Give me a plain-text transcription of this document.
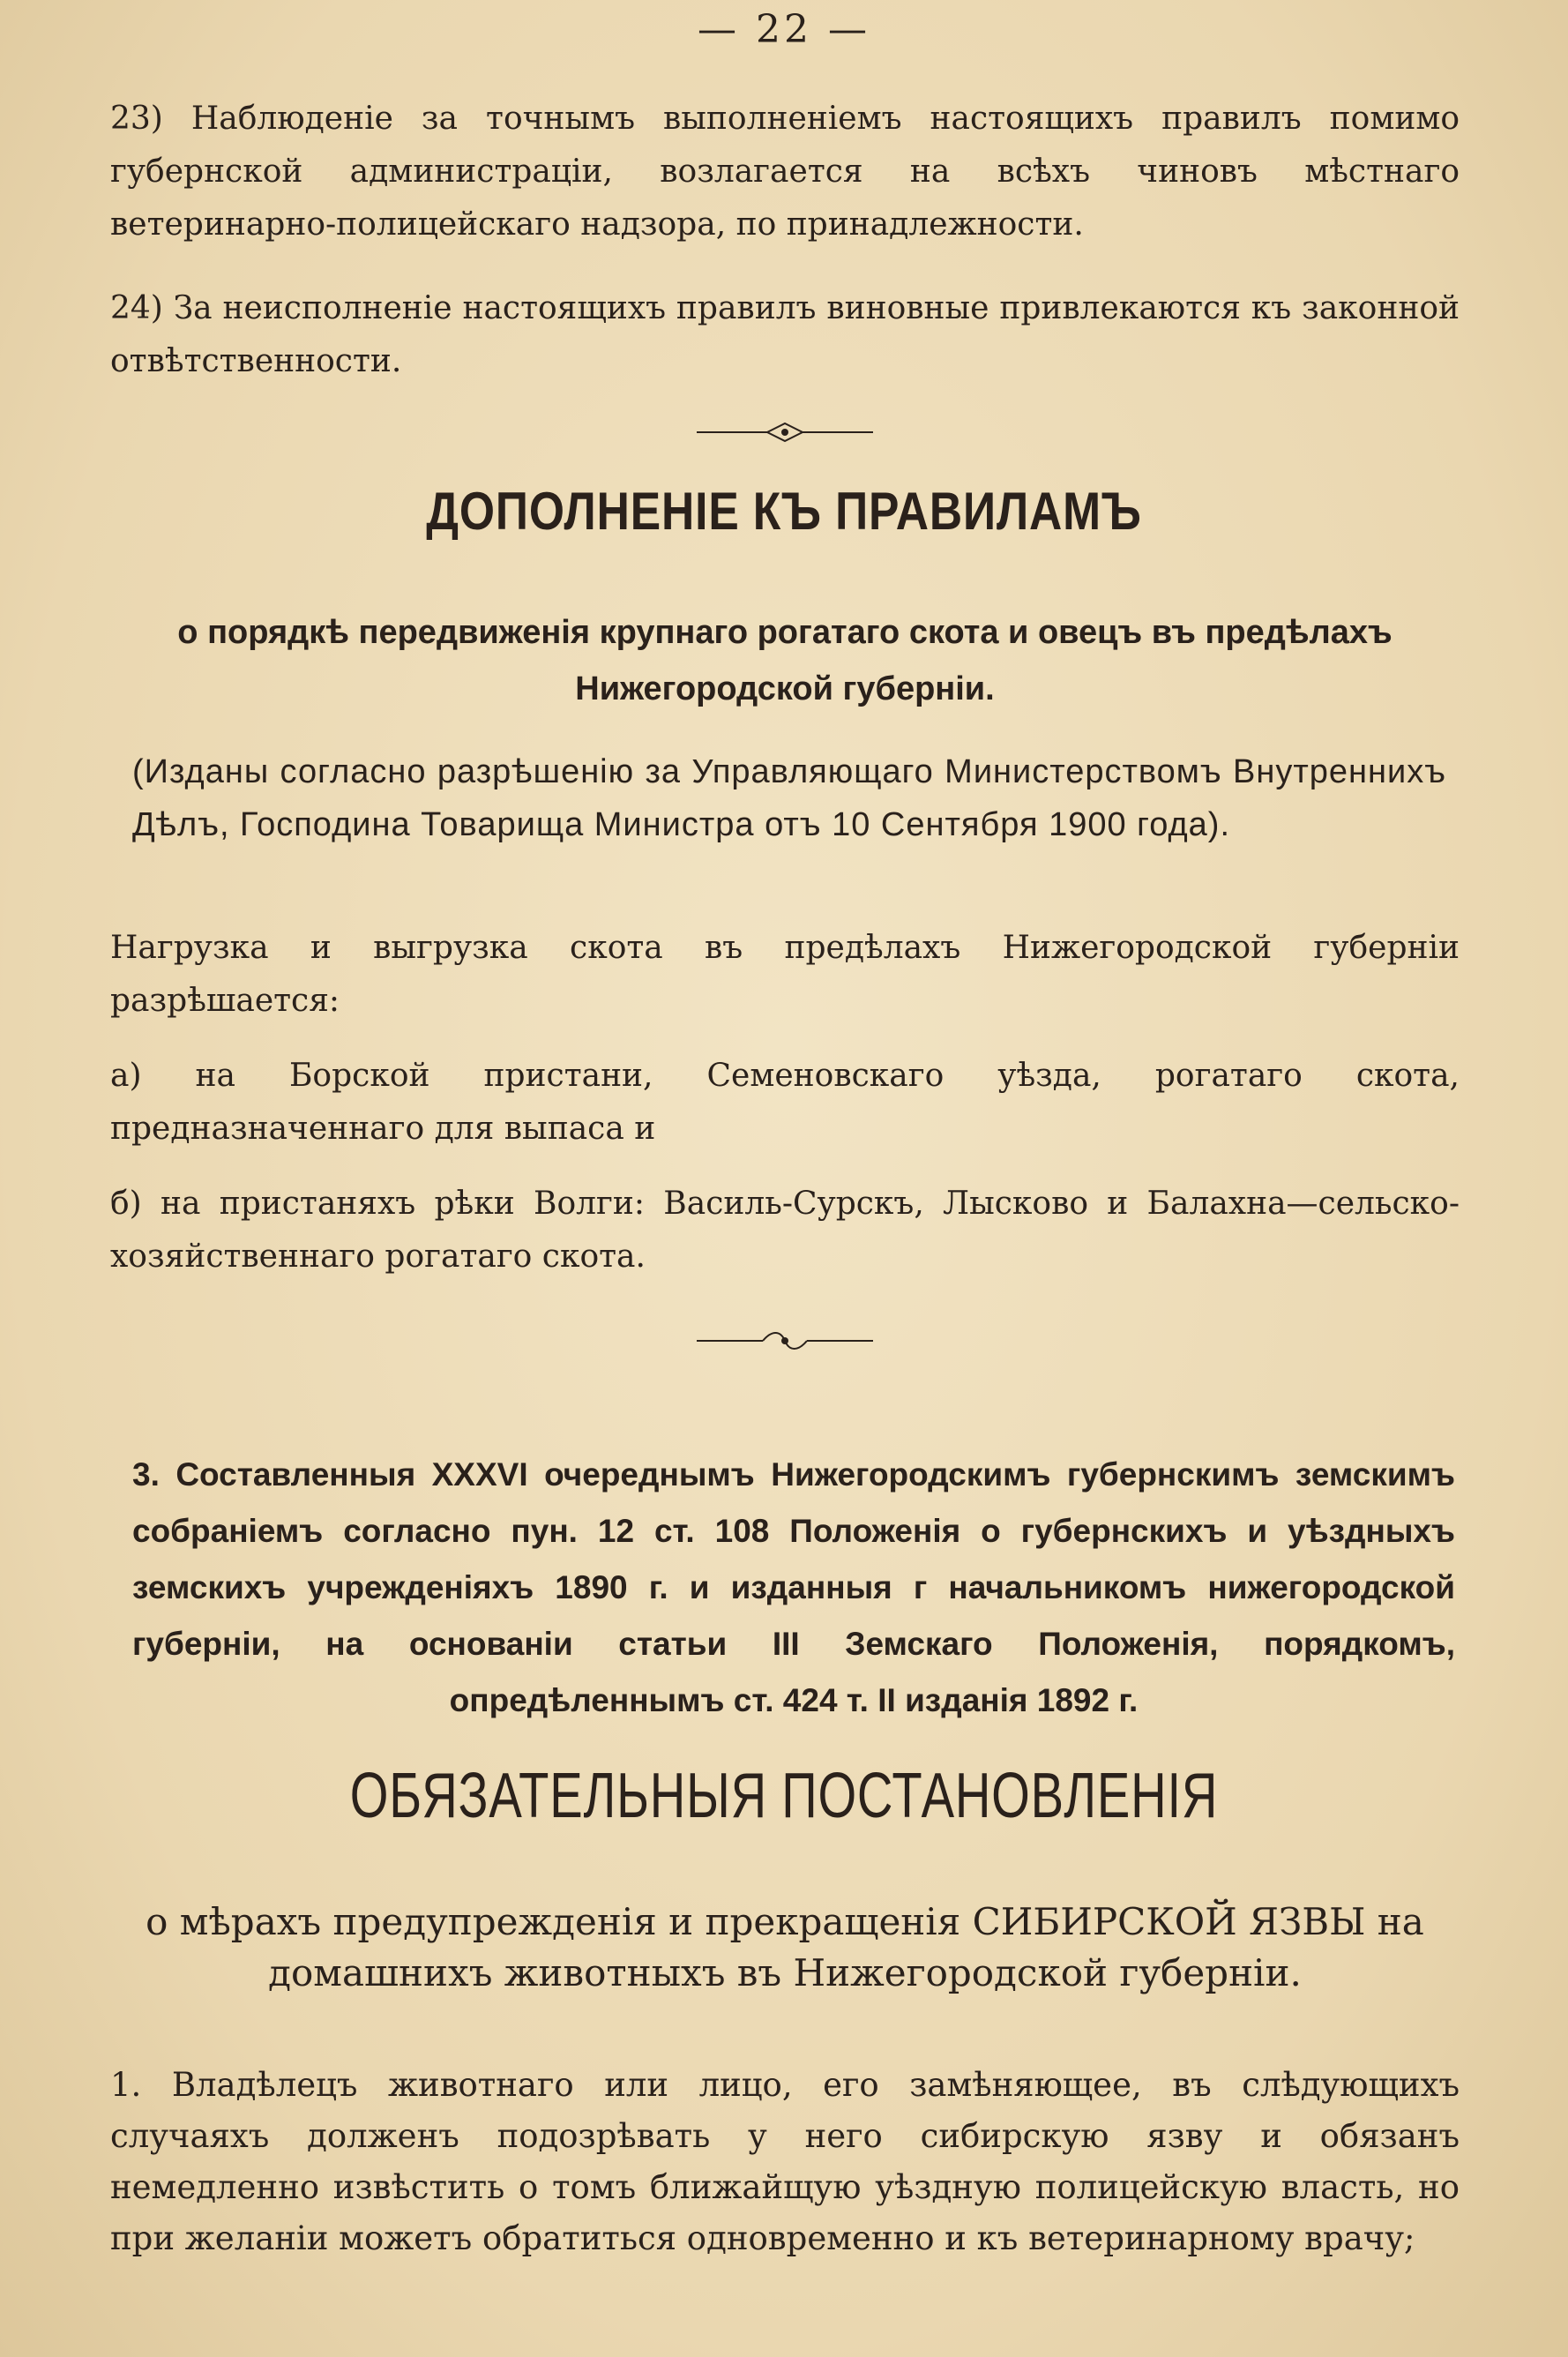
— 22 —
23) Наблюденіе за точнымъ выполненіемъ настоящихъ правилъ помимо губернской администраціи, возлагается на всѣхъ чиновъ мѣстнаго ветеринарно-полицейскаго надзора, по принадлежности.
24) За неисполненіе настоящихъ правилъ виновные привлекаются къ законной отвѣтственности.
ДОПОЛНЕНІЕ КЪ ПРАВИЛАМЪ
о порядкѣ передвиженія крупнаго рогатаго скота и овецъ въ предѣлахъ Нижегородской губерніи.
(Изданы согласно разрѣшенію за Управляющаго Министерствомъ Внутреннихъ Дѣлъ, Господина Товарища Министра отъ 10 Сентября 1900 года).
Нагрузка и выгрузка скота въ предѣлахъ Нижегородской губерніи разрѣшается:
а) на Борской пристани, Семеновскаго уѣзда, рогатаго скота, предназначеннаго для выпаса и
б) на пристаняхъ рѣки Волги: Василь-Сурскъ, Лысково и Балахна—сельско-хозяйственнаго рогатаго скота.
3. Составленныя XXXVI очереднымъ Нижегородскимъ губернскимъ земскимъ собраніемъ согласно пун. 12 ст. 108 Положенія о губернскихъ и уѣздныхъ земскихъ учрежденіяхъ 1890 г. и изданныя г начальникомъ нижегородской губерніи, на основаніи статьи III Земскаго Положенія, порядкомъ, опредѣленнымъ ст. 424 т. II изданія 1892 г.
ОБЯЗАТЕЛЬНЫЯ ПОСТАНОВЛЕНІЯ
о мѣрахъ предупрежденія и прекращенія СИБИРСКОЙ ЯЗВЫ на домашнихъ животныхъ въ Нижегородской губерніи.
1. Владѣлецъ животнаго или лицо, его замѣняющее, въ слѣдующихъ случаяхъ долженъ подозрѣвать у него сибирскую язву и обязанъ немедленно извѣстить о томъ ближайщую уѣздную полицейскую власть, но при желаніи можетъ обратиться одновременно и къ ветеринарному врачу;
